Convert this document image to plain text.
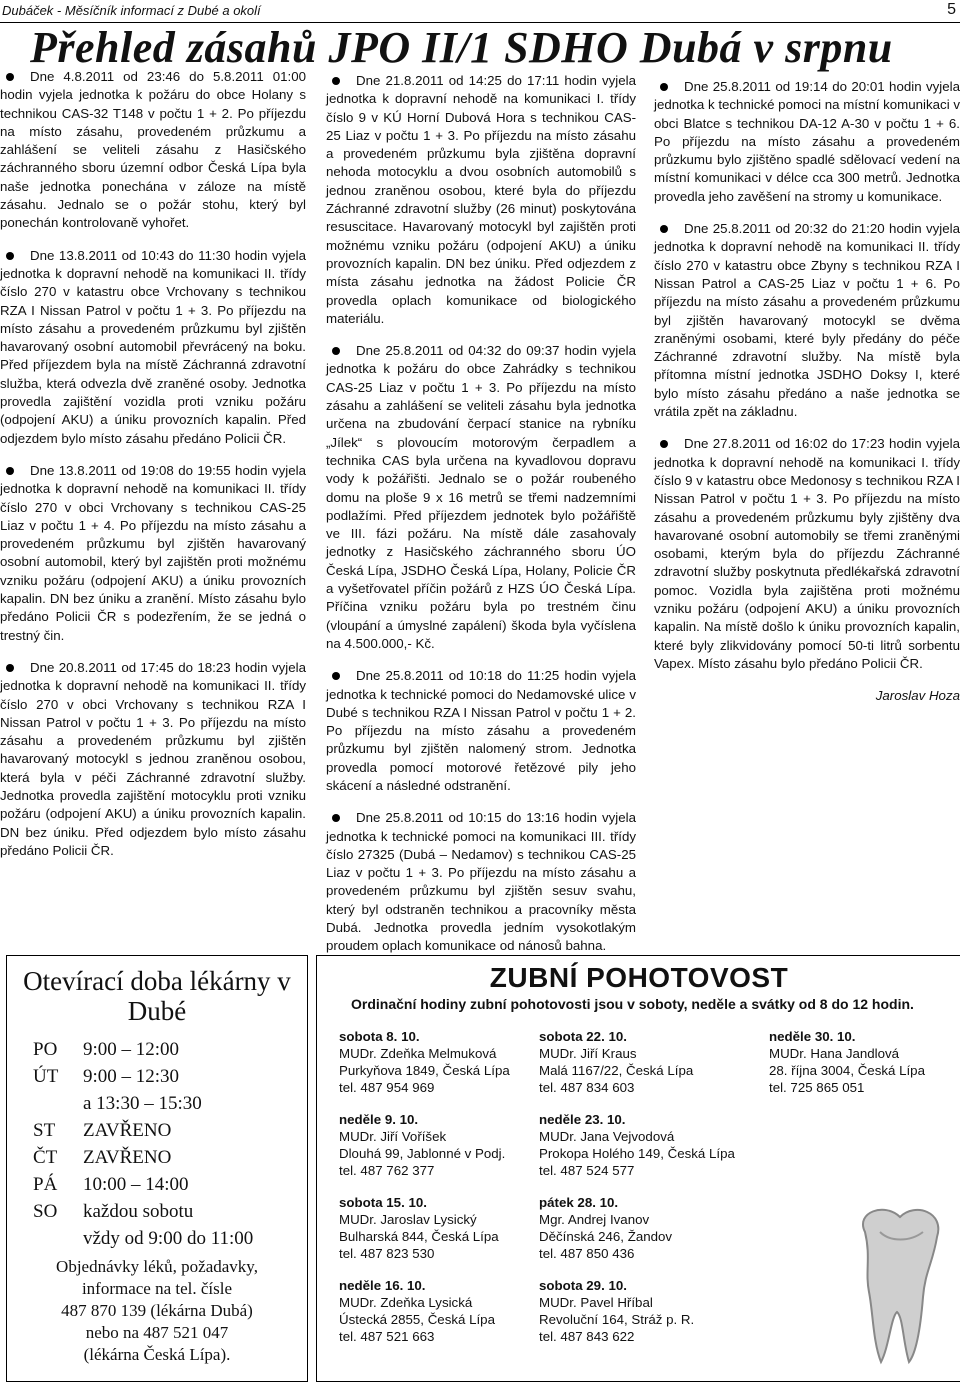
Dubáček - Měsíčník informací z Dubé a okolí	5
Přehled zásahů JPO II/1 SDHO Dubá v srpnu
Dne 4.8.2011 od 23:46 do 5.8.2011 01:00 hodin vyjela jednotka k požáru do obce Holany s technikou CAS-32 T148 v počtu 1 + 2. Po příjezdu na místo zásahu, provedeném průzkumu a zahlášení se veliteli zásahu z Hasičského záchranného sboru územní odbor Česká Lípa byla naše jednotka ponechána v záloze na místě zásahu. Jednalo se o požár stohu, který byl ponechán kontrolovaně vyhořet.
Dne 13.8.2011 od 10:43 do 11:30 hodin vyjela jednotka k dopravní nehodě na komunikaci II. třídy číslo 270 v katastru obce Vrchovany s technikou RZA I Nissan Patrol v počtu 1 + 3. Po příjezdu na místo zásahu a provedeném průzkumu byl zjištěn havarovaný osobní automobil převrácený na boku. Před příjezdem byla na místě Záchranná zdravotní služba, která odvezla dvě zraněné osoby. Jednotka provedla zajištění vozidla proti vzniku požáru (odpojení AKU) a úniku provozních kapalin. Před odjezdem bylo místo zásahu předáno Policii ČR.
Dne 13.8.2011 od 19:08 do 19:55 hodin vyjela jednotka k dopravní nehodě na komunikaci II. třídy číslo 270 v obci Vrchovany s technikou CAS-25 Liaz v počtu 1 + 4. Po příjezdu na místo zásahu a provedeném průzkumu byl zjištěn havarovaný osobní automobil, který byl zajištěn proti možnému vzniku požáru (odpojení AKU) a úniku provozních kapalin. DN bez úniku a zranění. Místo zásahu bylo předáno Policii ČR s podezřením, že se jedná o trestný čin.
Dne 20.8.2011 od 17:45 do 18:23 hodin vyjela jednotka k dopravní nehodě na komunikaci II. třídy číslo 270 v obci Vrchovany s technikou RZA I Nissan Patrol v počtu 1 + 3. Po příjezdu na místo zásahu a provedeném průzkumu byl zjištěn havarovaný motocykl s jednou zraněnou osobou, která byla v péči Záchranné zdravotní služby. Jednotka provedla zajištění motocyklu proti vzniku požáru (odpojení AKU) a úniku provozních kapalin. DN bez úniku. Před odjezdem bylo místo zásahu předáno Policii ČR.
Dne 21.8.2011 od 14:25 do 17:11 hodin vyjela jednotka k dopravní nehodě na komunikaci I. třídy číslo 9 v KÚ Horní Dubová Hora s technikou CAS-25 Liaz v počtu 1 + 3. Po příjezdu na místo zásahu a provedeném průzkumu byla zjištěna dopravní nehoda motocyklu a dvou osobních automobilů s jednou zraněnou osobou, které byla do příjezdu Záchranné zdravotní služby (26 minut) poskytována resuscitace. Havarovaný motocykl byl zajištěn proti možnému vzniku požáru (odpojení AKU) a úniku provozních kapalin. DN bez úniku. Před odjezdem z místa zásahu jednotka na žádost Policie ČR provedla oplach komunikace od biologického materiálu.
Dne 25.8.2011 od 04:32 do 09:37 hodin vyjela jednotka k požáru do obce Zahrádky s technikou CAS-25 Liaz v počtu 1 + 3. Po příjezdu na místo zásahu a zahlášení se veliteli zásahu byla jednotka určena na zbudování čerpací stanice na rybníku „Jílek“ s plovoucím motorovým čerpadlem a technika CAS byla určena na kyvadlovou dopravu vody k požářišti. Jednalo se o požár roubeného domu na ploše 9 x 16 metrů se třemi nadzemními podlažími. Před příjezdem jednotek bylo požářiště ve III. fázi požáru. Na místě dále zasahovaly jednotky z Hasičského záchranného sboru ÚO Česká Lípa, JSDHO Česká Lípa, Holany, Policie ČR a vyšetřovatel příčin požárů z HZS ÚO Česká Lípa. Příčina vzniku požáru byla po trestném činu (vloupání a úmyslné zapálení) škoda byla vyčíslena na 4.500.000,- Kč.
Dne 25.8.2011 od 10:18 do 11:25 hodin vyjela jednotka k technické pomoci do Nedamovské ulice v Dubé s technikou RZA I Nissan Patrol v počtu 1 + 2. Po příjezdu na místo zásahu a provedeném průzkumu byl zjištěn nalomený strom. Jednotka provedla pomocí motorové řetězové pily jeho skácení a následné odstranění.
Dne 25.8.2011 od 10:15 do 13:16 hodin vyjela jednotka k technické pomoci na komunikaci III. třídy číslo 27325 (Dubá – Nedamov) s technikou CAS-25 Liaz v počtu 1 + 3. Po příjezdu na místo zásahu a provedeném průzkumu byl zjištěn sesuv svahu, který byl odstraněn technikou a pracovníky města Dubá. Jednotka provedla jedním vysokotlakým proudem oplach komunikace od nánosů bahna.
Dne 25.8.2011 od 19:14 do 20:01 hodin vyjela jednotka k technické pomoci na místní komunikaci v obci Blatce s technikou DA-12 A-30 v počtu 1 + 6. Po příjezdu na místo zásahu a provedeném průzkumu bylo zjištěno spadlé sdělovací vedení na místní komunikaci v délce cca 300 metrů. Jednotka provedla jeho zavěšení na stromy u komunikace.
Dne 25.8.2011 od 20:32 do 21:20 hodin vyjela jednotka k dopravní nehodě na komunikaci II. třídy číslo 270 v katastru obce Zbyny s technikou RZA I Nissan Patrol a CAS-25 Liaz v počtu 1 + 6. Po příjezdu na místo zásahu a provedeném průzkumu byl zjištěn havarovaný motocykl se dvěma zraněnými osobami, které byly předány do péče Záchranné zdravotní služby. Na místě byla přítomna místní jednotka JSDHO Doksy I, které bylo místo zásahu předáno a naše jednotka se vrátila zpět na základnu.
Dne 27.8.2011 od 16:02 do 17:23 hodin vyjela jednotka k dopravní nehodě na komunikaci I. třídy číslo 9 v katastru obce Medonosy s technikou RZA I Nissan Patrol v počtu 1 + 3. Po příjezdu na místo zásahu a provedeném průzkumu byly zjištěny dva havarované osobní automobily se třemi zraněnými osobami, kterým byla do příjezdu Záchranné zdravotní služby poskytnuta předlékařská zdravotní pomoc. Vozidla byla zajištěna proti možnému vzniku požáru (odpojení AKU) a úniku provozních kapalin. Na místě došlo k úniku provozních kapalin, které byly zlikvidovány pomocí 50-ti litrů sorbentu Vapex. Místo zásahu bylo předáno Policii ČR.
Jaroslav Hoza
Otevírací doba lékárny v Dubé
PO	9:00 – 12:00
ÚT	9:00 – 12:30
a 13:30 – 15:30
ST	ZAVŘENO
ČT	ZAVŘENO
PÁ	10:00 – 14:00
SO	každou sobotu
vždy od 9:00 do 11:00
Objednávky léků, požadavky,
informace na tel. čísle
487 870 139 (lékárna Dubá)
nebo na 487 521 047
(lékárna Česká Lípa).
ZUBNÍ POHOTOVOST
Ordinační hodiny zubní pohotovosti jsou v soboty, neděle a svátky od 8 do 12 hodin.
sobota 8. 10.
MUDr. Zdeňka Melmuková
Purkyňova 1849, Česká Lípa
tel. 487 954 969
neděle 9. 10.
MUDr. Jiří Voříšek
Dlouhá 99, Jablonné v Podj.
tel. 487 762 377
sobota 15. 10.
MUDr. Jaroslav Lysický
Bulharská 844, Česká Lípa
tel. 487 823 530
neděle 16. 10.
MUDr. Zdeňka Lysická
Ústecká 2855, Česká Lípa
tel. 487 521 663
sobota 22. 10.
MUDr. Jiří Kraus
Malá 1167/22, Česká Lípa
tel. 487 834 603
neděle 23. 10.
MUDr. Jana Vejvodová
Prokopa Holého 149, Česká Lípa
tel. 487 524 577
pátek 28. 10.
Mgr. Andrej Ivanov
Děčínská 246, Žandov
tel. 487 850 436
sobota 29. 10.
MUDr. Pavel Hříbal
Revoluční 164, Stráž p. R.
tel. 487 843 622
neděle 30. 10.
MUDr. Hana Jandlová
28. října 3004, Česká Lípa
tel. 725 865 051
